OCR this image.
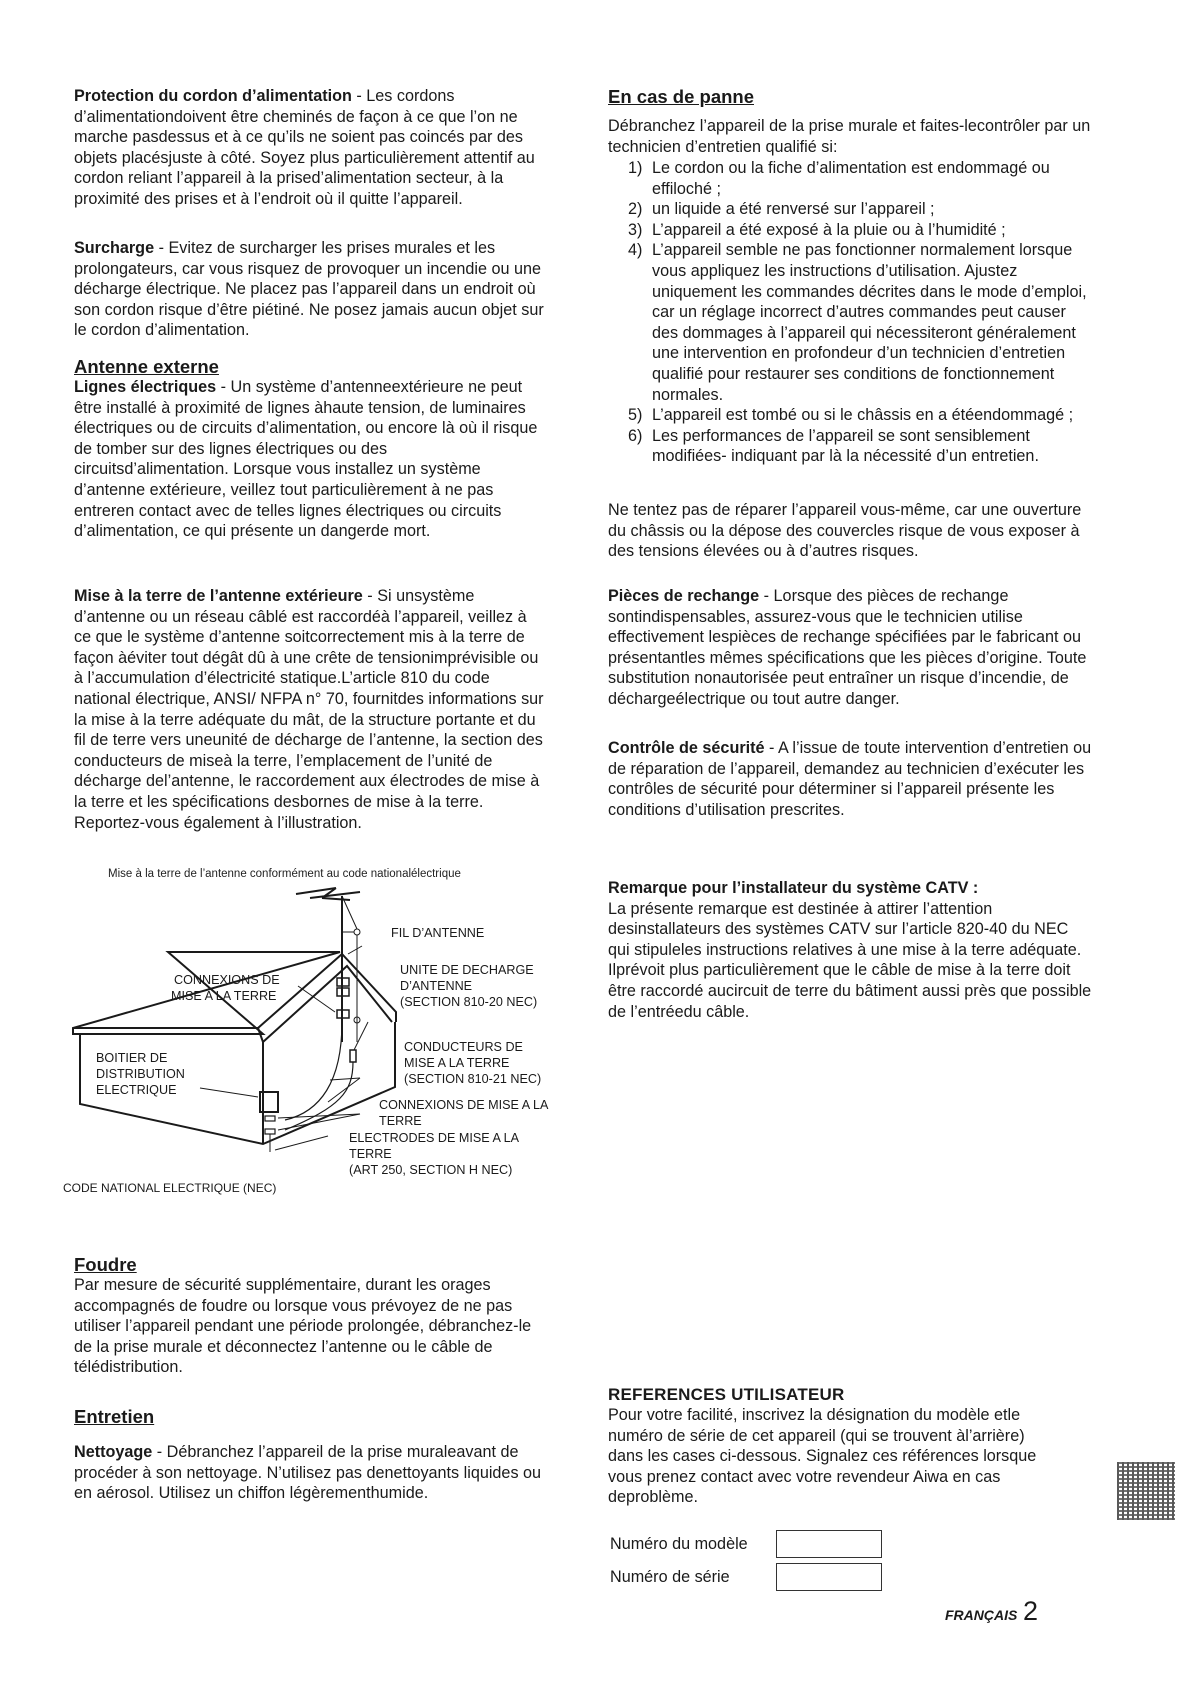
Protection du cordon d’alimentation - Les cordons d’alimentationdoivent être cheminés de façon à ce que l’on ne marche pasdessus et à ce qu’ils ne soient pas coincés par des objets placésjuste à côté. Soyez plus particulièrement attentif au cordon reliant l’appareil à la prised’alimentation secteur, à la proximité des prises et à l’endroit où il quitte l’appareil.

Surcharge - Evitez de surcharger les prises murales et les prolongateurs, car vous risquez de provoquer un incendie ou une décharge électrique. Ne placez pas l’appareil dans un endroit où son cordon risque d’être piétiné. Ne posez jamais aucun objet sur le cordon d’alimentation.

Antenne externe

Lignes électriques - Un système d’antenneextérieure ne peut être installé à proximité de lignes àhaute tension, de luminaires électriques ou de circuits d’alimentation, ou encore là où il risque de tomber sur des lignes électriques ou des circuitsd’alimentation. Lorsque vous installez un système d’antenne extérieure, veillez tout particulièrement à ne pas entreren contact avec de telles lignes électriques ou circuits d’alimentation, ce qui présente un dangerde mort.

Mise à la terre de l’antenne extérieure - Si unsystème d’antenne ou un réseau câblé est raccordéà l’appareil, veillez à ce que le système d’antenne soitcorrectement mis à la terre de façon àéviter tout dégât dû à une crête de tensionimprévisible ou à l’accumulation d’électricité statique.L’article 810 du code national électrique, ANSI/ NFPA n° 70, fournitdes informations sur la mise à la terre adéquate du mât, de la structure portante et du fil de terre vers uneunité de décharge de l’antenne, la section des conducteurs de miseà la terre, l’emplacement de l’unité de décharge del’antenne, le raccordement aux électrodes de mise à la terre et les spécifications desbornes de mise à la terre. Reportez-vous également à l’illustration.

Mise à la terre de l’antenne conformément au code nationalélectrique
FIL D’ANTENNE
UNITE DE DECHARGE
D’ANTENNE
(SECTION 810-20 NEC)
CONNEXIONS DE
MISE A LA TERRE
BOITIER DE
DISTRIBUTION
ELECTRIQUE
CONDUCTEURS DE
MISE A LA TERRE
(SECTION 810-21 NEC)
CONNEXIONS DE MISE A LA
TERRE
ELECTRODES DE MISE A LA
TERRE
(ART 250, SECTION H NEC)
CODE NATIONAL ELECTRIQUE (NEC)
Foudre

Par mesure de sécurité supplémentaire, durant les orages accompagnés de foudre ou lorsque vous prévoyez de ne pas utiliser l’appareil pendant une période prolongée, débranchez-le de la prise murale et déconnectez l’antenne ou le câble de télédistribution.

Entretien

Nettoyage - Débranchez l’appareil de la prise muraleavant de procéder à son nettoyage. N’utilisez pas denettoyants liquides ou en aérosol. Utilisez un chiffon légèrementhumide.

En cas de panne

Débranchez l’appareil de la prise murale et faites-lecontrôler par un technicien d’entretien qualifié si:

1) Le cordon ou la fiche d’alimentation est endommagé ou effiloché ;
2) un liquide a été renversé sur l’appareil ;
3) L’appareil a été exposé à la pluie ou à l’humidité ;
4) L’appareil semble ne pas fonctionner normalement lorsque vous appliquez les instructions d’utilisation. Ajustez uniquement les commandes décrites dans le mode d’emploi, car un réglage incorrect d’autres commandes peut causer des dommages à l’appareil qui nécessiteront généralement une intervention en profondeur d’un technicien d’entretien qualifié pour restaurer ses conditions de fonctionnement normales.
5) L’appareil est tombé ou si le châssis en a étéendommagé ;
6) Les performances de l’appareil se sont sensiblement modifiées- indiquant par là la nécessité d’un entretien.

Ne tentez pas de réparer l’appareil vous-même, car une ouverture du châssis ou la dépose des couvercles risque de vous exposer à des tensions élevées ou à d’autres risques.

Pièces de rechange - Lorsque des pièces de rechange sontindispensables, assurez-vous que le technicien utilise effectivement lespièces de rechange spécifiées par le fabricant ou présentantles mêmes spécifications que les pièces d’origine. Toute substitution nonautorisée peut entraîner un risque d’incendie, de déchargeélectrique ou tout autre danger.

Contrôle de sécurité - A l’issue de toute intervention d’entretien ou de réparation de l’appareil, demandez au technicien d’exécuter les contrôles de sécurité pour déterminer si l’appareil présente les conditions d’utilisation prescrites.

Remarque pour l’installateur du système CATV :
La présente remarque est destinée à attirer l’attention desinstallateurs des systèmes CATV sur l’article 820-40 du NEC qui stipuleles instructions relatives à une mise à la terre adéquate. Ilprévoit plus particulièrement que le câble de mise à la terre doit être raccordé aucircuit de terre du bâtiment aussi près que possible de l’entréedu câble.

REFERENCES UTILISATEUR

Pour votre facilité, inscrivez la désignation du modèle etle numéro de série de cet appareil (qui se trouvent àl’arrière) dans les cases ci-dessous. Signalez ces références lorsque vous prenez contact avec votre revendeur Aiwa en cas deproblème.

Numéro du modèle
Numéro de série
FRANÇAIS 2
